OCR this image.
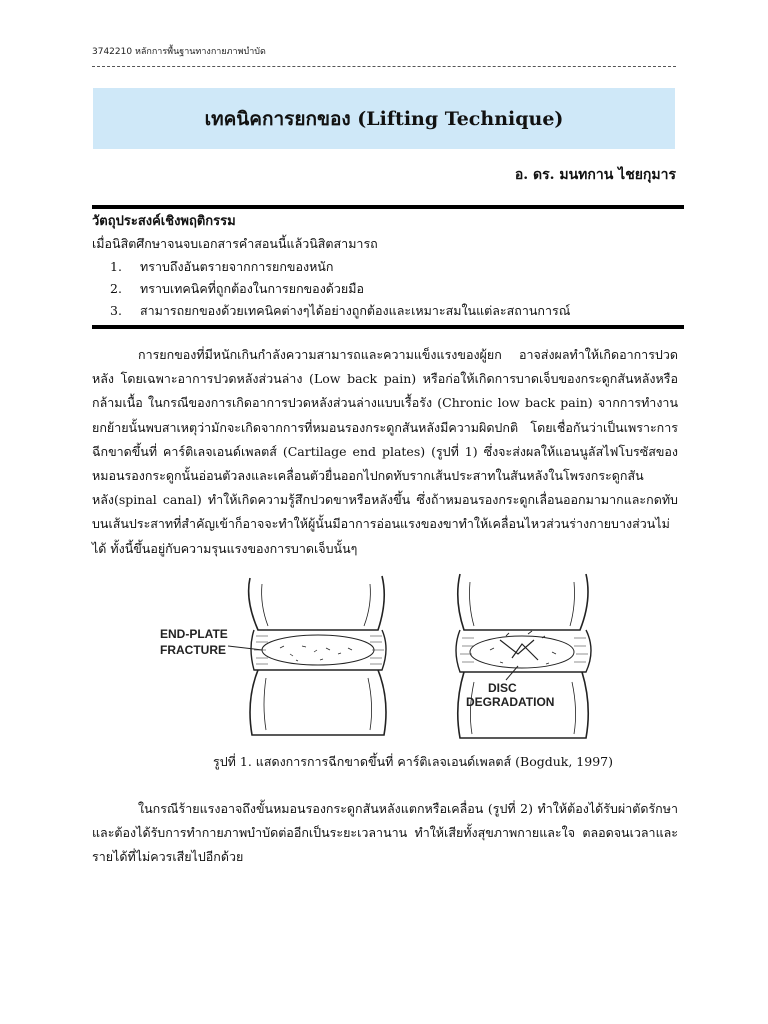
3742210 หลักการพื้นฐานทางกายภาพบำบัด
เทคนิคการยกของ (Lifting Technique)
อ. ดร. มนทกาน ไชยกุมาร
วัตถุประสงค์เชิงพฤติกรรม
เมื่อนิสิตศึกษาจนจบเอกสารคำสอนนี้แล้วนิสิตสามารถ
1. ทราบถึงอันตรายจากการยกของหนัก
2. ทราบเทคนิคที่ถูกต้องในการยกของด้วยมือ
3. สามารถยกของด้วยเทคนิคต่างๆได้อย่างถูกต้องและเหมาะสมในแต่ละสถานการณ์
การยกของที่มีหนักเกินกำลังความสามารถและความแข็งแรงของผู้ยก อาจส่งผลทำให้เกิดอาการปวดหลัง โดยเฉพาะอาการปวดหลังส่วนล่าง (Low back pain) หรือก่อให้เกิดการบาดเจ็บของกระดูกสันหลังหรือกล้ามเนื้อ ในกรณีของการเกิดอาการปวดหลังส่วนล่างแบบเรื้อรัง (Chronic low back pain) จากการทำงานยกย้ายนั้นพบสาเหตุว่ามักจะเกิดจากการที่หมอนรองกระดูกสันหลังมีความผิดปกติ โดยเชื่อกันว่าเป็นเพราะการฉีกขาดขึ้นที่ คาร์ติเลจเอนด์เพลตส์ (Cartilage end plates) (รูปที่ 1) ซึ่งจะส่งผลให้แอนนูลัสไฟโบรซัสของหมอนรองกระดูกนั้นอ่อนตัวลงและเคลื่อนตัวยื่นออกไปกดทับรากเส้นประสาทในสันหลังในโพรงกระดูกสันหลัง(spinal canal) ทำให้เกิดความรู้สึกปวดขาหรือหลังขึ้น ซึ่งถ้าหมอนรองกระดูกเลื่อนออกมามากและกดทับบนเส้นประสาทที่สำคัญเข้าก็อาจจะทำให้ผู้นั้นมีอาการอ่อนแรงของขาทำให้เคลื่อนไหวส่วนร่างกายบางส่วนไม่ได้ ทั้งนี้ขึ้นอยู่กับความรุนแรงของการบาดเจ็บนั้นๆ
END-PLATE
FRACTURE
DISC
DEGRADATION
รูปที่ 1. แสดงการการฉีกขาดขึ้นที่ คาร์ติเลจเอนด์เพลตส์ (Bogduk, 1997)
ในกรณีร้ายแรงอาจถึงขั้นหมอนรองกระดูกสันหลังแตกหรือเคลื่อน (รูปที่ 2) ทำให้ต้องได้รับผ่าตัดรักษาและต้องได้รับการทำกายภาพบำบัดต่ออีกเป็นระยะเวลานาน ทำให้เสียทั้งสุขภาพกายและใจ ตลอดจนเวลาและรายได้ที่ไม่ควรเสียไปอีกด้วย
